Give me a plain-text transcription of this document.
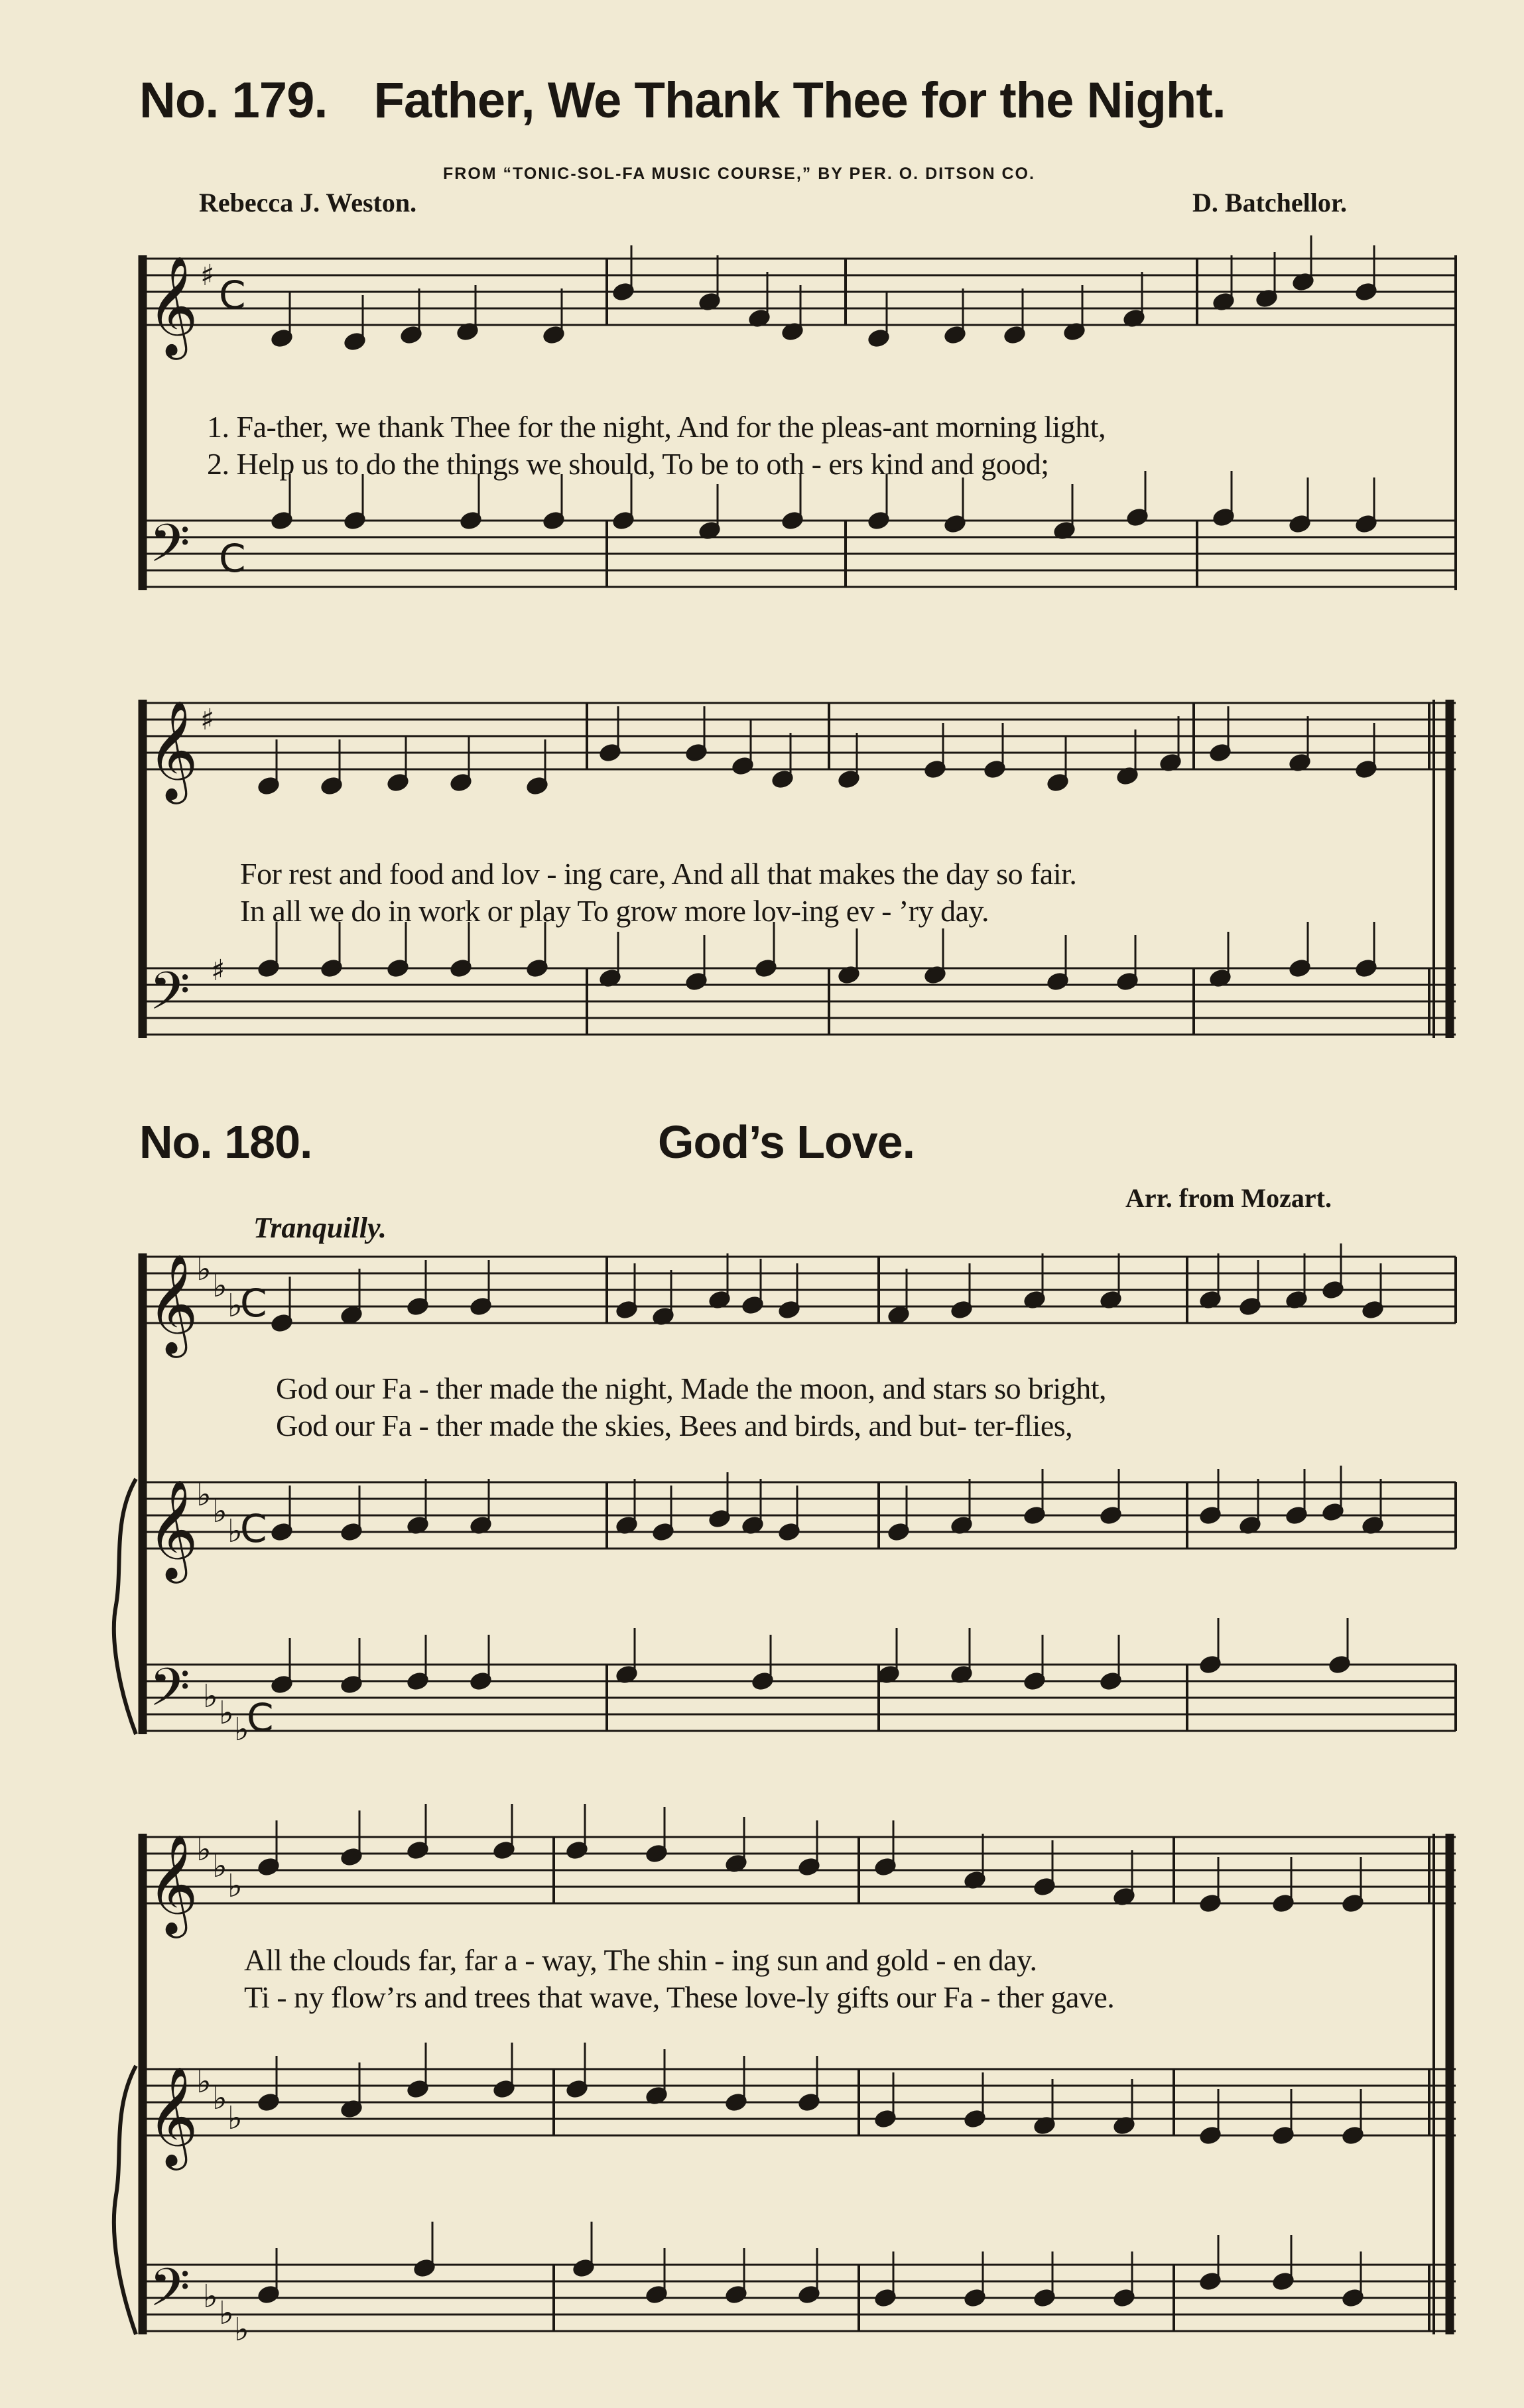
No. 179. Father, We Thank Thee for the Night.
FROM “TONIC-SOL-FA MUSIC COURSE,” BY PER. O. DITSON CO.
Rebecca J. Weston.	D. Batchellor.
𝄞 ♯ C
𝄢 C
1. Fa-ther, we thank Thee for the night, And for the pleas-ant morning light,
2. Help us to do the things we should, To be to oth - ers kind and good;
𝄞 ♯
𝄢 ♯
For rest and food and lov - ing care, And all that makes the day so fair.
In all we do in work or play To grow more lov-ing ev - ’ry day.
No. 180.	God’s Love.
Arr. from Mozart.
Tranquilly.
𝄞
♭ ♭
♭
C
𝄞
♭ ♭
♭
C
𝄢 ♭ ♭ ♭
C
God our Fa - ther made the night, Made the moon, and stars so bright,
God our Fa - ther made the skies, Bees and birds, and but- ter-flies,
𝄞
♭ ♭
♭
𝄞
♭ ♭
♭
𝄢 ♭ ♭ ♭
All the clouds far, far a - way, The shin - ing sun and gold - en day.
Ti - ny flow’rs and trees that wave, These love-ly gifts our Fa - ther gave.
